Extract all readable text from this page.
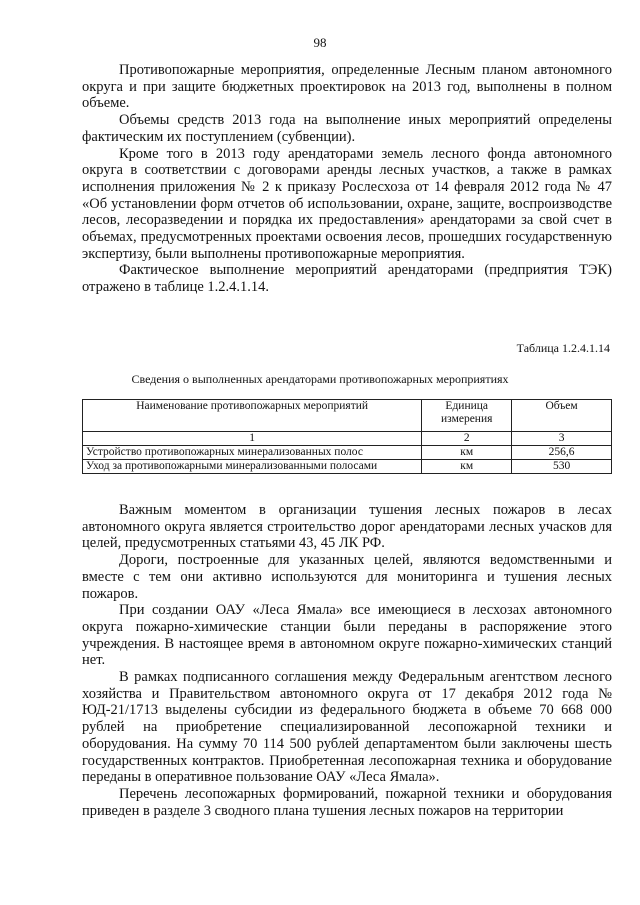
98

Противопожарные мероприятия, определенные Лесным планом автономного округа и при защите бюджетных проектировок на 2013 год, выполнены в полном объеме.

Объемы средств 2013 года на выполнение иных мероприятий определены фактическим их поступлением (субвенции).

Кроме того в 2013 году арендаторами земель лесного фонда автономного округа в соответствии с договорами аренды лесных участков, а также в рамках исполнения приложения № 2 к приказу Рослесхоза от 14 февраля 2012 года № 47 «Об установлении форм отчетов об использовании, охране, защите, воспроизводстве лесов, лесоразведении и порядка их предоставления» арендаторами за свой счет в объемах, предусмотренных проектами освоения лесов, прошедших государственную экспертизу, были выполнены противопожарные мероприятия.

Фактическое выполнение мероприятий арендаторами (предприятия ТЭК) отражено в таблице 1.2.4.1.14.

Таблица 1.2.4.1.14
Сведения о выполненных арендаторами противопожарных мероприятиях
Наименование противопожарных мероприятий	Единица измерения	Объем
1	2	3
Устройство противопожарных минерализованных полос	км	256,6
Уход за противопожарными минерализованными полосами	км	530

Важным моментом в организации тушения лесных пожаров в лесах автономного округа является строительство дорог арендаторами лесных учасков для целей, предусмотренных статьями 43, 45 ЛК РФ.

Дороги, построенные для указанных целей, являются ведомственными и вместе с тем они активно используются для мониторинга и тушения лесных пожаров.

При создании ОАУ «Леса Ямала» все имеющиеся в лесхозах автономного округа пожарно-химические станции были переданы в распоряжение этого учреждения. В настоящее время в автономном округе пожарно-химических станций нет.

В рамках подписанного соглашения между Федеральным агентством лесного хозяйства и Правительством автономного округа от 17 декабря 2012 года № ЮД-21/1713 выделены субсидии из федерального бюджета в объеме 70 668 000 рублей на приобретение специализированной лесопожарной техники и оборудования. На сумму 70 114 500 рублей департаментом были заключены шесть государственных контрактов. Приобретенная лесопожарная техника и оборудование переданы в оперативное пользование ОАУ «Леса Ямала».

Перечень лесопожарных формирований, пожарной техники и оборудования приведен в разделе 3 сводного плана тушения лесных пожаров на территории
